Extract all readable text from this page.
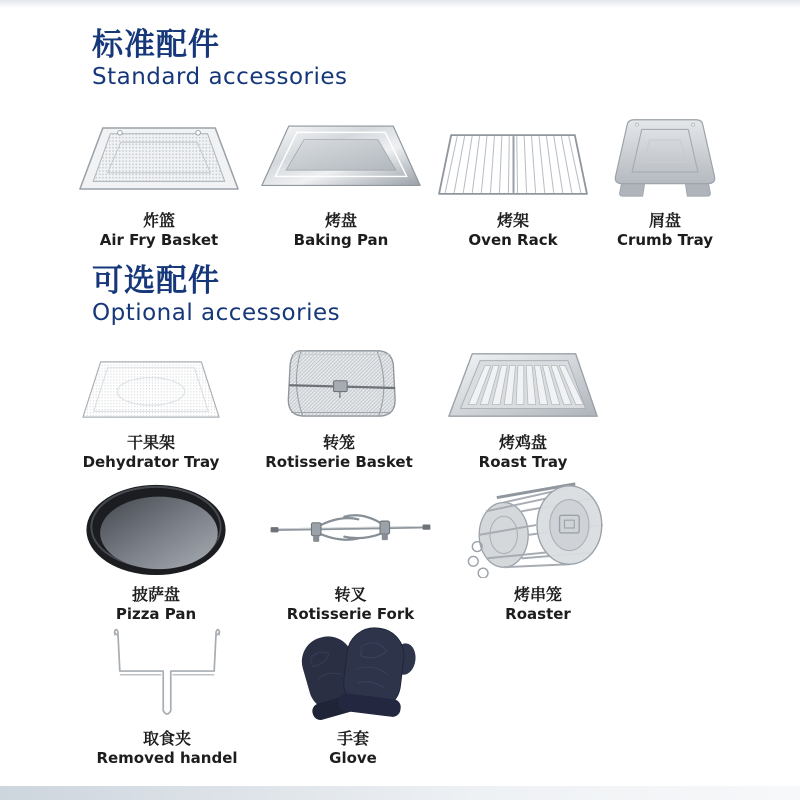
标准配件
Standard accessories
炸篮
Air Fry Basket
烤盘
Baking Pan
烤架
Oven Rack
屑盘
Crumb Tray
可选配件
Optional accessories
干果架
Dehydrator Tray
转笼
Rotisserie Basket
烤鸡盘
Roast Tray
披萨盘
Pizza Pan
转叉
Rotisserie Fork
烤串笼
Roaster
取食夹
Removed handel
手套
Glove
